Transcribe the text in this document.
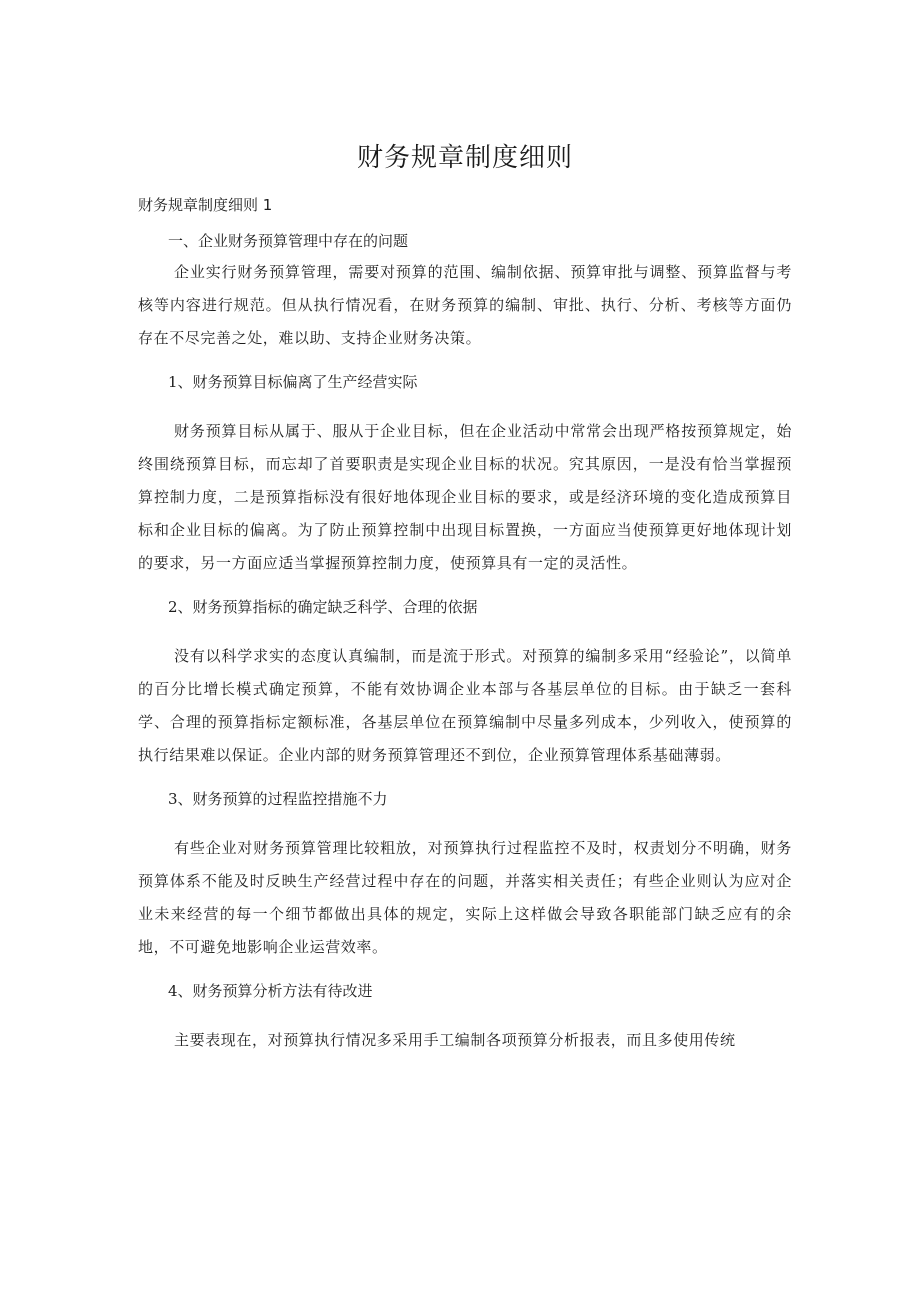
财务规章制度细则

财务规章制度细则 1

一、企业财务预算管理中存在的问题

企业实行财务预算管理，需要对预算的范围、编制依据、预算审批与调整、预算监督与考核等内容进行规范。但从执行情况看，在财务预算的编制、审批、执行、分析、考核等方面仍存在不尽完善之处，难以助、支持企业财务决策。

1、财务预算目标偏离了生产经营实际

财务预算目标从属于、服从于企业目标，但在企业活动中常常会出现严格按预算规定，始终围绕预算目标，而忘却了首要职责是实现企业目标的状况。究其原因，一是没有恰当掌握预算控制力度，二是预算指标没有很好地体现企业目标的要求，或是经济环境的变化造成预算目标和企业目标的偏离。为了防止预算控制中出现目标置换，一方面应当使预算更好地体现计划的要求，另一方面应适当掌握预算控制力度，使预算具有一定的灵活性。

2、财务预算指标的确定缺乏科学、合理的依据

没有以科学求实的态度认真编制，而是流于形式。对预算的编制多采用“经验论”，以简单的百分比增长模式确定预算，不能有效协调企业本部与各基层单位的目标。由于缺乏一套科学、合理的预算指标定额标准，各基层单位在预算编制中尽量多列成本，少列收入，使预算的执行结果难以保证。企业内部的财务预算管理还不到位，企业预算管理体系基础薄弱。

3、财务预算的过程监控措施不力

有些企业对财务预算管理比较粗放，对预算执行过程监控不及时，权责划分不明确，财务预算体系不能及时反映生产经营过程中存在的问题，并落实相关责任；有些企业则认为应对企业未来经营的每一个细节都做出具体的规定，实际上这样做会导致各职能部门缺乏应有的余地，不可避免地影响企业运营效率。

4、财务预算分析方法有待改进

主要表现在，对预算执行情况多采用手工编制各项预算分析报表，而且多使用传统
